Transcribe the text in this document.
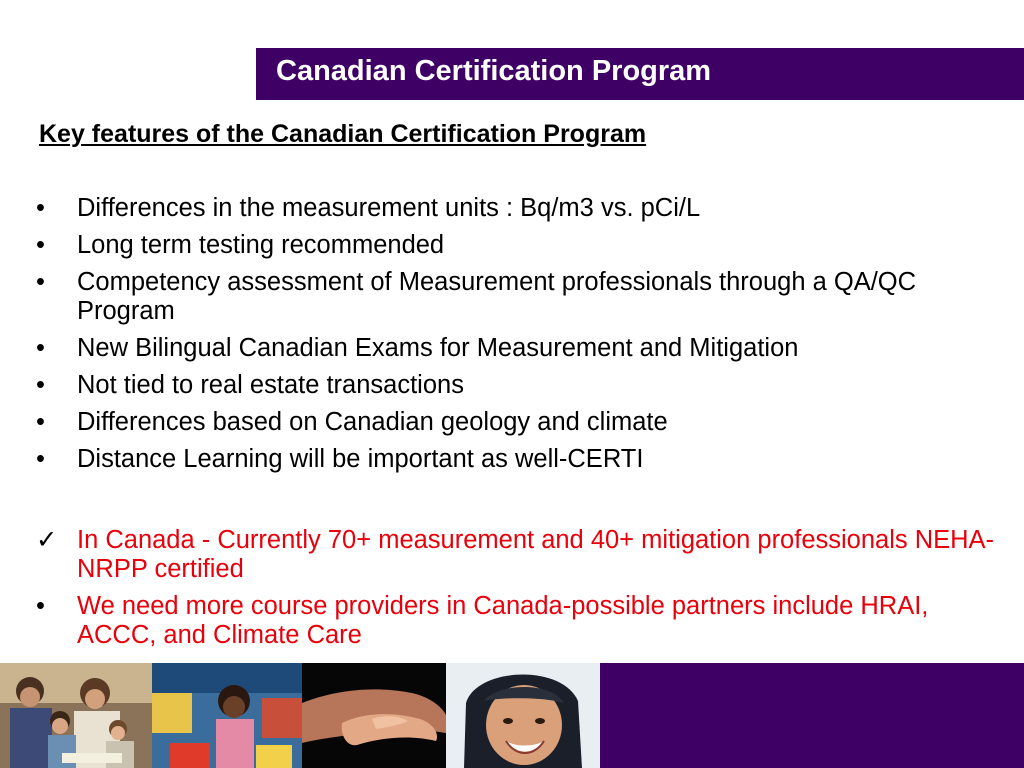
Canadian Certification Program
Key features of the Canadian Certification Program
•	Differences in the measurement units : Bq/m3 vs. pCi/L
•	Long term testing recommended
•	Competency assessment of Measurement professionals through a QA/QC Program
•	New Bilingual Canadian Exams for Measurement and Mitigation
•	Not tied to real estate transactions
•	Differences based on Canadian geology and climate
•	Distance Learning will be important as well-CERTI
✓ In Canada - Currently 70+ measurement and 40+ mitigation professionals NEHA-NRPP certified
•	We need more course providers in Canada-possible partners include HRAI, ACCC, and Climate Care
